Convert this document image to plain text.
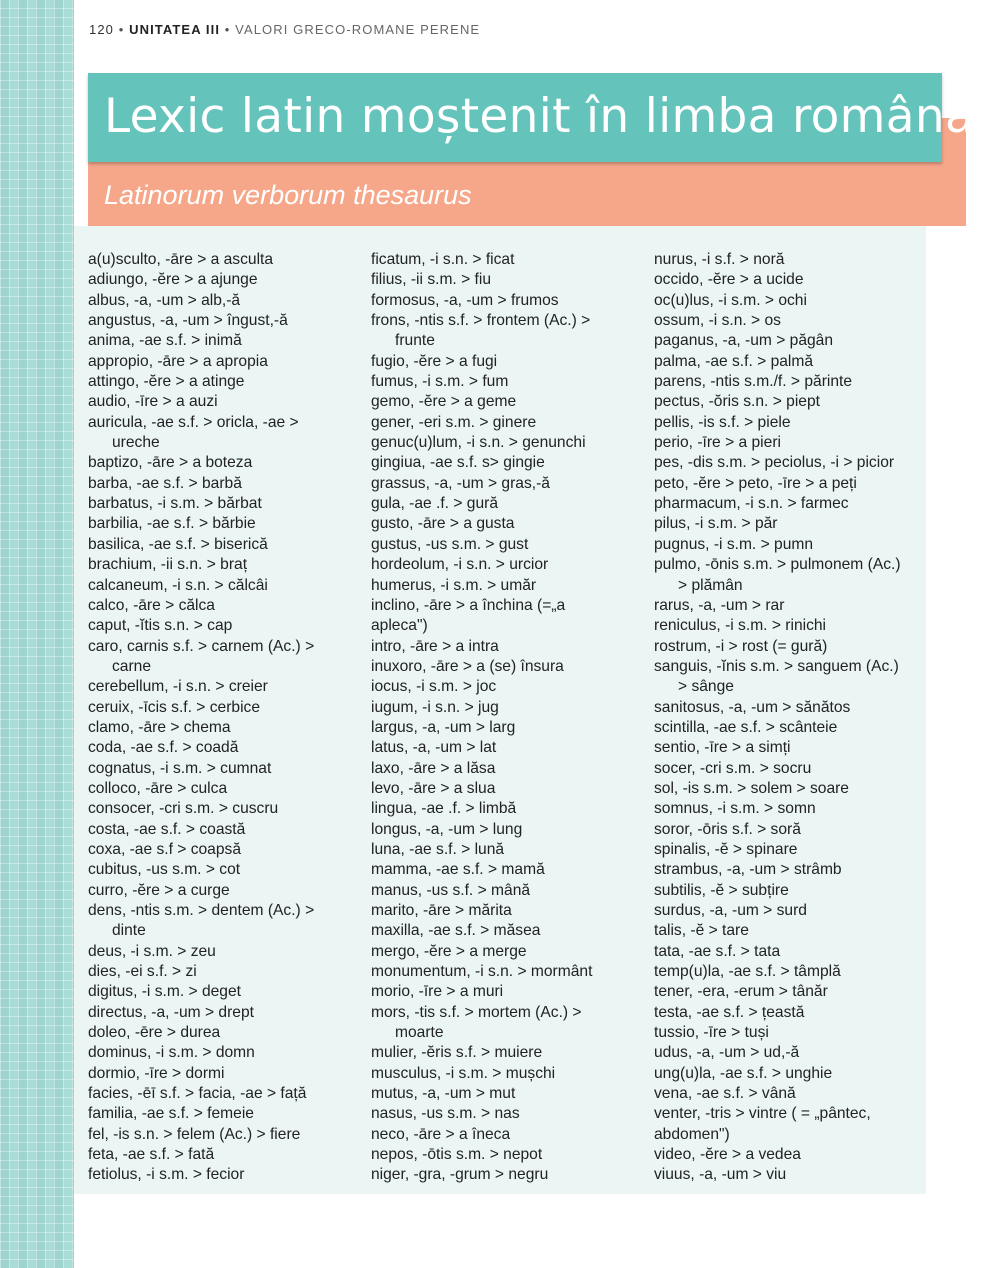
120 • UNITATEA III • VALORI GRECO-ROMANE PERENE
Lexic latin moștenit în limba română
Latinorum verborum thesaurus
a(u)sculto, -āre > a asculta
adiungo, -ĕre > a ajunge
albus, -a, -um > alb,-ă
angustus, -a, -um > îngust,-ă
anima, -ae s.f. > inimă
appropio, -āre > a apropia
attingo, -ĕre > a atinge
audio, -īre > a auzi
auricula, -ae s.f. > oricla, -ae >
ureche
baptizo, -āre > a boteza
barba, -ae s.f. > barbă
barbatus, -i s.m. > bărbat
barbilia, -ae s.f. > bărbie
basilica, -ae s.f. > biserică
brachium, -ii s.n. > braț
calcaneum, -i s.n. > călcâi
calco, -āre > călca
caput, -ĭtis s.n. > cap
caro, carnis s.f. > carnem (Ac.) >
carne
cerebellum, -i s.n. > creier
ceruix, -īcis s.f. > cerbice
clamo, -āre > chema
coda, -ae s.f. > coadă
cognatus, -i s.m. > cumnat
colloco, -āre > culca
consocer, -cri s.m. > cuscru
costa, -ae s.f. > coastă
coxa, -ae s.f > coapsă
cubitus, -us s.m. > cot
curro, -ĕre > a curge
dens, -ntis s.m. > dentem (Ac.) >
dinte
deus, -i s.m. > zeu
dies, -ei s.f. > zi
digitus, -i s.m. > deget
directus, -a, -um > drept
doleo, -ēre > durea
dominus, -i s.m. > domn
dormio, -īre > dormi
facies, -ēī s.f. > facia, -ae > față
familia, -ae s.f. > femeie
fel, -is s.n. > felem (Ac.) > fiere
feta, -ae s.f. > fată
fetiolus, -i s.m. > fecior
ficatum, -i s.n. > ficat
filius, -ii s.m. > fiu
formosus, -a, -um > frumos
frons, -ntis s.f. > frontem (Ac.) >
frunte
fugio, -ĕre > a fugi
fumus, -i s.m. > fum
gemo, -ĕre > a geme
gener, -eri s.m. > ginere
genuc(u)lum, -i s.n. > genunchi
gingiua, -ae s.f. s> gingie
grassus, -a, -um > gras,-ă
gula, -ae .f. > gură
gusto, -āre > a gusta
gustus, -us s.m. > gust
hordeolum, -i s.n. > urcior
humerus, -i s.m. > umăr
inclino, -āre > a închina (=„a
apleca")
intro, -āre > a intra
inuxoro, -āre > a (se) însura
iocus, -i s.m. > joc
iugum, -i s.n. > jug
largus, -a, -um > larg
latus, -a, -um > lat
laxo, -āre > a lăsa
levo, -āre > a slua
lingua, -ae .f. > limbă
longus, -a, -um > lung
luna, -ae s.f. > lună
mamma, -ae s.f. > mamă
manus, -us s.f. > mână
marito, -āre > mărita
maxilla, -ae s.f. > măsea
mergo, -ĕre > a merge
monumentum, -i s.n. > mormânt
morio, -īre > a muri
mors, -tis s.f. > mortem (Ac.) >
moarte
mulier, -ĕris s.f. > muiere
musculus, -i s.m. > mușchi
mutus, -a, -um > mut
nasus, -us s.m. > nas
neco, -āre > a îneca
nepos, -ōtis s.m. > nepot
niger, -gra, -grum > negru
nurus, -i s.f. > noră
occido, -ĕre > a ucide
oc(u)lus, -i s.m. > ochi
ossum, -i s.n. > os
paganus, -a, -um > păgân
palma, -ae s.f. > palmă
parens, -ntis s.m./f. > părinte
pectus, -ŏris s.n. > piept
pellis, -is s.f. > piele
perio, -īre > a pieri
pes, -dis s.m. > peciolus, -i > picior
peto, -ĕre > peto, -īre > a peți
pharmacum, -i s.n. > farmec
pilus, -i s.m. > păr
pugnus, -i s.m. > pumn
pulmo, -ōnis s.m. > pulmonem (Ac.)
> plămân
rarus, -a, -um > rar
reniculus, -i s.m. > rinichi
rostrum, -i > rost (= gură)
sanguis, -ĭnis s.m. > sanguem (Ac.)
> sânge
sanitosus, -a, -um > sănătos
scintilla, -ae s.f. > scânteie
sentio, -īre > a simți
socer, -cri s.m. > socru
sol, -is s.m. > solem > soare
somnus, -i s.m. > somn
soror, -ōris s.f. > soră
spinalis, -ĕ > spinare
strambus, -a, -um > strâmb
subtilis, -ĕ > subțire
surdus, -a, -um > surd
talis, -ĕ > tare
tata, -ae s.f. > tata
temp(u)la, -ae s.f. > tâmplă
tener, -era, -erum > tânăr
testa, -ae s.f. > țeastă
tussio, -īre > tuși
udus, -a, -um > ud,-ă
ung(u)la, -ae s.f. > unghie
vena, -ae s.f. > vână
venter, -tris > vintre ( = „pântec,
abdomen")
video, -ĕre > a vedea
viuus, -a, -um > viu
